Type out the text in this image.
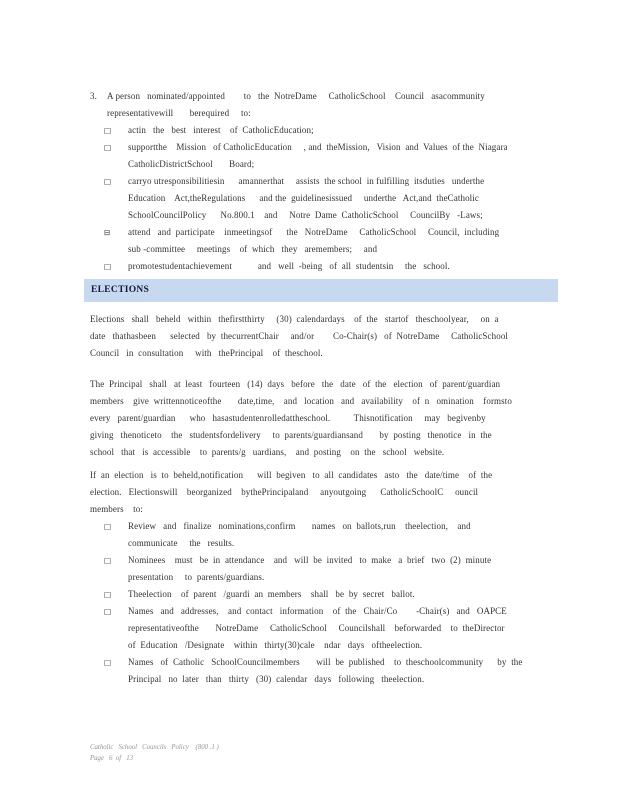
3.	A person   nominated/appointed        to   the  NotreDame     CatholicSchool    Council   asacommunity
representativewill       berequired     to:
□	actin   the   best   interest    of  CatholicEducation;
□	supportthe    Mission   of CatholicEducation     , and  theMission,   Vision  and  Values  of the  Niagara
CatholicDistrictSchool       Board;
□	carryo utresponsibilitiesin      amannerthat     assists  the school  in fulfilling  itsduties   underthe
Education    Act,theRegulations      and the  guidelinesissued     underthe   Act,and  theCatholic
SchoolCouncilPolicy      No.800.1    and     Notre  Dame  CatholicSchool     CouncilBy   -Laws;
⊟	attend   and  participate    inmeetingsof      the   NotreDame     CatholicSchool     Council,  including
sub -committee     meetings    of  which   they   aremembers;     and
□	promotestudentachievement           and   well  -being   of  all  studentsin     the   school.
ELECTIONS
Elections   shall   beheld   within   thefirstthirty     (30)  calendardays    of  the   startof   theschoolyear,     on  a
date   thathasbeen      selected   by  thecurrentChair     and/or        Co-Chair(s)   of  NotreDame     CatholicSchool
Council   in  consultation     with   thePrincipal    of  theschool.
The  Principal   shall   at  least   fourteen   (14)  days   before   the   date   of  the   election   of  parent/guardian
members    give  writtennoticeofthe       date,time,    and   location   and   availability    of  n   omination    formsto
every   parent/guardian      who   hasastudentenrolledattheschool.          Thisnotification     may   begivenby
giving   thenoticeto    the   studentsfordelivery     to  parents/guardiansand       by  posting   thenotice   in  the
school   that   is  accessible    to  parents/g   uardians,    and  posting    on  the   school   website.
If  an  election   is  to  beheld,notification      will  begiven   to  all  candidates   asto   the   date/time    of  the
election.   Electionswill    beorganized    bythePrincipaland     anyoutgoing      CatholicSchoolC     ouncil
members    to:
□	Review   and   finalize   nominations,confirm       names   on  ballots,run    theelection,    and
communicate     the   results.
□	Nominees    must   be  in  attendance    and   will  be  invited   to  make   a  brief   two  (2)  minute
presentation     to  parents/guardians.
□	Theelection    of  parent   /guardi  an  members    shall   be  by  secret   ballot.
□	Names   and   addresses,    and  contact   information    of  the   Chair/Co        -Chair(s)   and   OAPCE
representativeofthe       NotreDame     CatholicSchool     Councilshall    beforwarded    to  theDirector
of  Education   /Designate    within   thirty(30)cale    ndar   days   oftheelection.
□	Names   of  Catholic   SchoolCouncilmembers       will  be  published    to  theschoolcommunity      by  the
Principal   no  later   than   thirty   (30)  calendar   days   following   theelection.
Catholic   School   Councils   Policy    (800 .1 )
Page   6  of   13
